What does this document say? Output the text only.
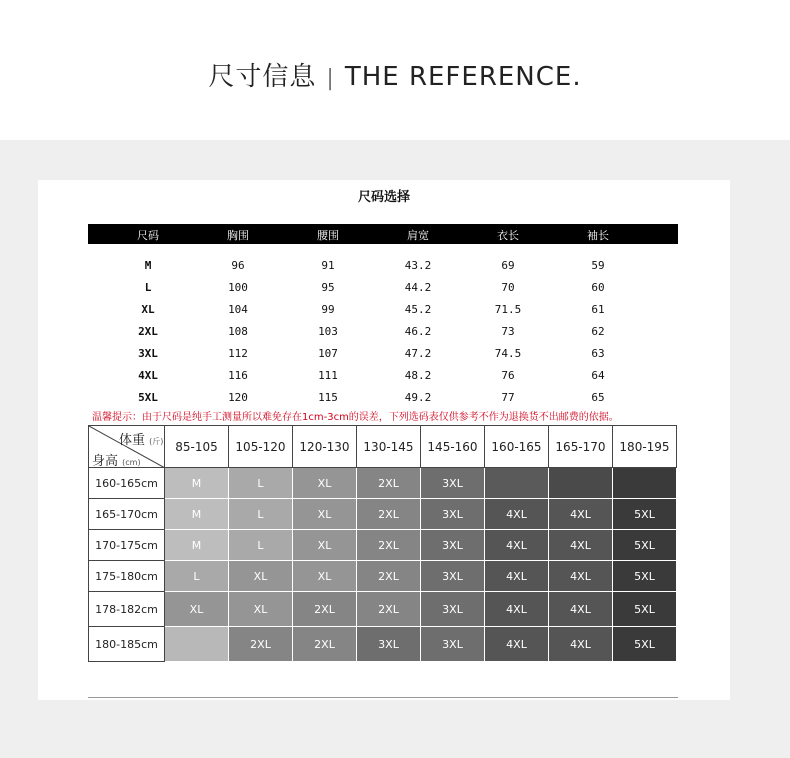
尺寸信息 | THE REFERENCE.
尺码选择
尺码	胸围	腰围	肩宽	衣长	袖长
M	96	91	43.2	69	59
L	100	95	44.2	70	60
XL	104	99	45.2	71.5	61
2XL	108	103	46.2	73	62
3XL	112	107	47.2	74.5	63
4XL	116	111	48.2	76	64
5XL	120	115	49.2	77	65
温馨提示：由于尺码是纯手工测量所以难免存在1cm-3cm的误差，下列选码表仅供参考不作为退换货不出邮费的依据。
体重 (斤)
身高 (cm)	85-105	105-120	120-130	130-145	145-160	160-165	165-170	180-195
160-165cm	M	L	XL	2XL	3XL			
165-170cm	M	L	XL	2XL	3XL	4XL	4XL	5XL
170-175cm	M	L	XL	2XL	3XL	4XL	4XL	5XL
175-180cm	L	XL	XL	2XL	3XL	4XL	4XL	5XL
178-182cm	XL	XL	2XL	2XL	3XL	4XL	4XL	5XL
180-185cm		2XL	2XL	3XL	3XL	4XL	4XL	5XL
